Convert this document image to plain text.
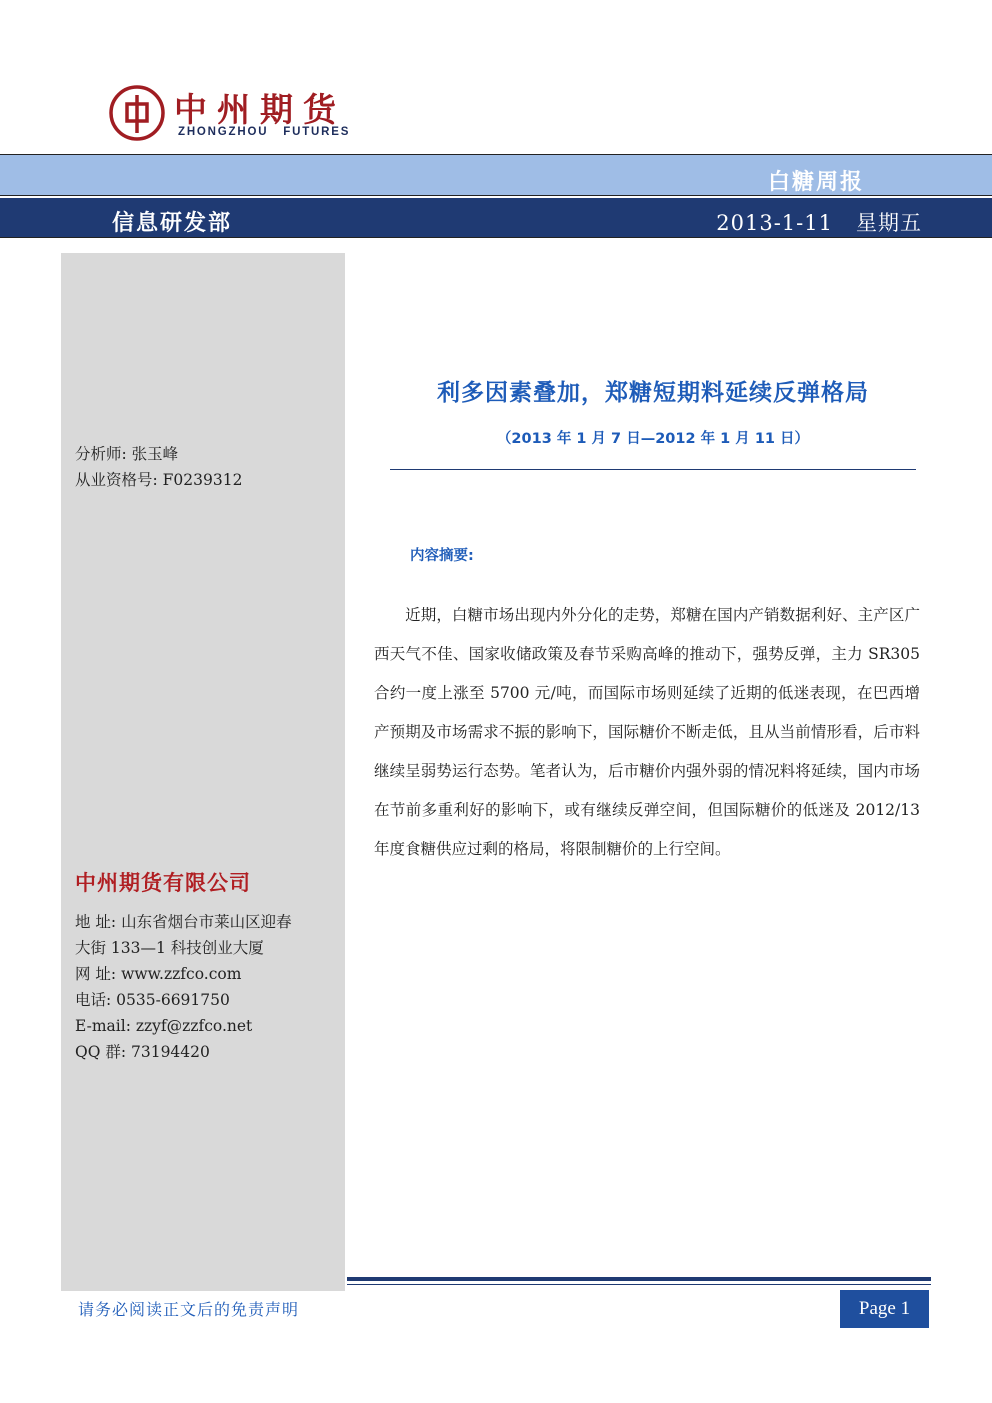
中州期货
ZHONGZHOU   FUTURES
白糖周报
信息研发部	2013-1-11 星期五
分析师: 张玉峰
从业资格号: F0239312
中州期货有限公司
地 址: 山东省烟台市莱山区迎春
大街 133—1 科技创业大厦
网 址: www.zzfco.com
电话: 0535-6691750
E-mail: zzyf@zzfco.net
QQ 群: 73194420
利多因素叠加，郑糖短期料延续反弹格局
（2013 年 1 月 7 日—2012 年 1 月 11 日）
内容摘要:
  近期，白糖市场出现内外分化的走势，郑糖在国内产销数据利好、主产区广西天气不佳、国家收储政策及春节采购高峰的推动下，强势反弹，主力 SR305 合约一度上涨至 5700 元/吨，而国际市场则延续了近期的低迷表现，在巴西增产预期及市场需求不振的影响下，国际糖价不断走低，且从当前情形看，后市料继续呈弱势运行态势。笔者认为，后市糖价内强外弱的情况料将延续，国内市场在节前多重利好的影响下，或有继续反弹空间，但国际糖价的低迷及 2012/13 年度食糖供应过剩的格局，将限制糖价的上行空间。
请务必阅读正文后的免责声明	Page 1
